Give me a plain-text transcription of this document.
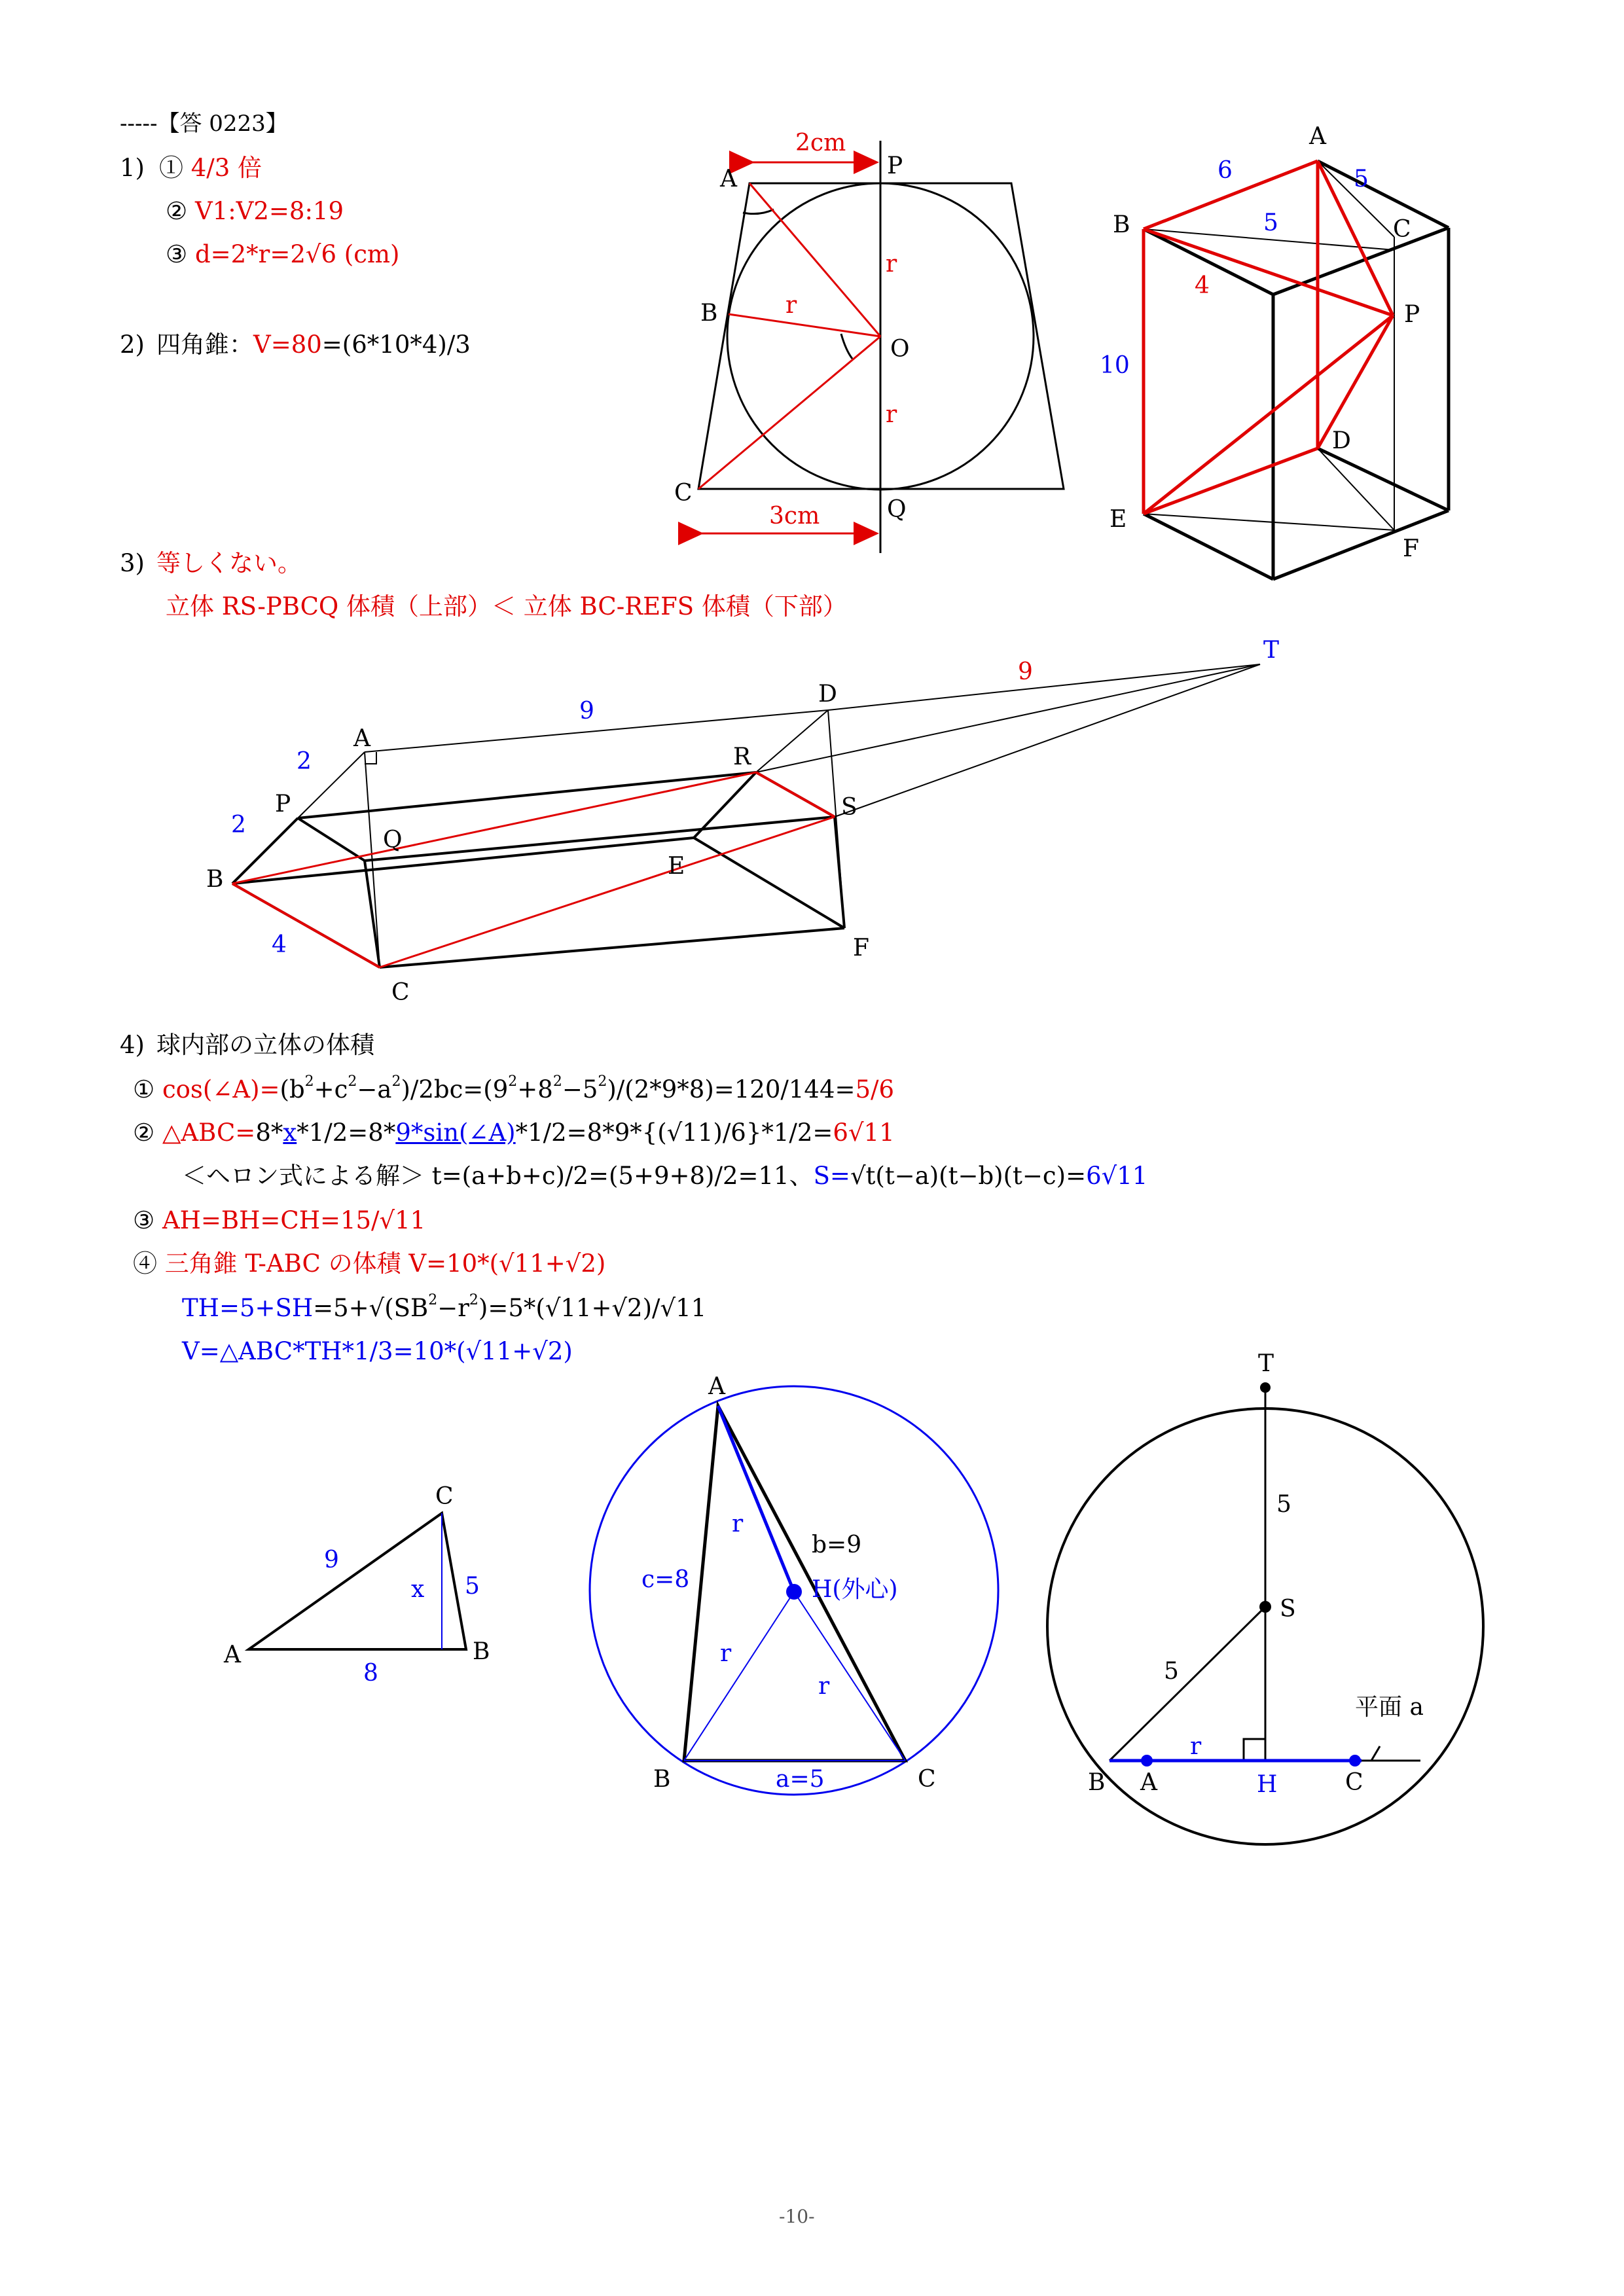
-----【答 0223】
1) ① 4/3 倍
② V1:V2=8:19
③ d=2*r=2√6 (cm)
2) 四角錐：V=80=(6*10*4)/3
3) 等しくない。
立体 RS-PBCQ 体積（上部）＜ 立体 BC-REFS 体積（下部）
4) 球内部の立体の体積
① $\cos(\angle A)=(b^2+c^2-a^2)/2bc=(9^2+8^2-5^2)/(2*9*8)=120/144=5/6$
② △ABC=8*x*1/2=8*9*sin(∠A)*1/2=8*9*{(√11)/6}*1/2=6√11
＜ヘロン式による解＞ t=(a+b+c)/2=(5+9+8)/2=11、S=√t(t−a)(t−b)(t−c)=6√11
③ AH=BH=CH=15/√11
④ 三角錐 T-ABC の体積 V=10*(√11+√2)
$TH=5+SH=5+√(SB^2-r^2)=5*(√11+√2)/√11$
V=△ABC*TH*1/3=10*(√11+√2)
A	P
B
O
C
Q
r
r
r
2cm
3cm
A
B	C
P
D
E
F
6	5
5
4
10
T
D
A
R
P	S
Q
E
B
F
C
9
9
2
2
4
C
A	B
9
x 5
8
A
B	C
c=8
b=9
a=5
H(外心)
r
r
r
T
S
5
5
r
平面 a
B A	H	C
-10-
